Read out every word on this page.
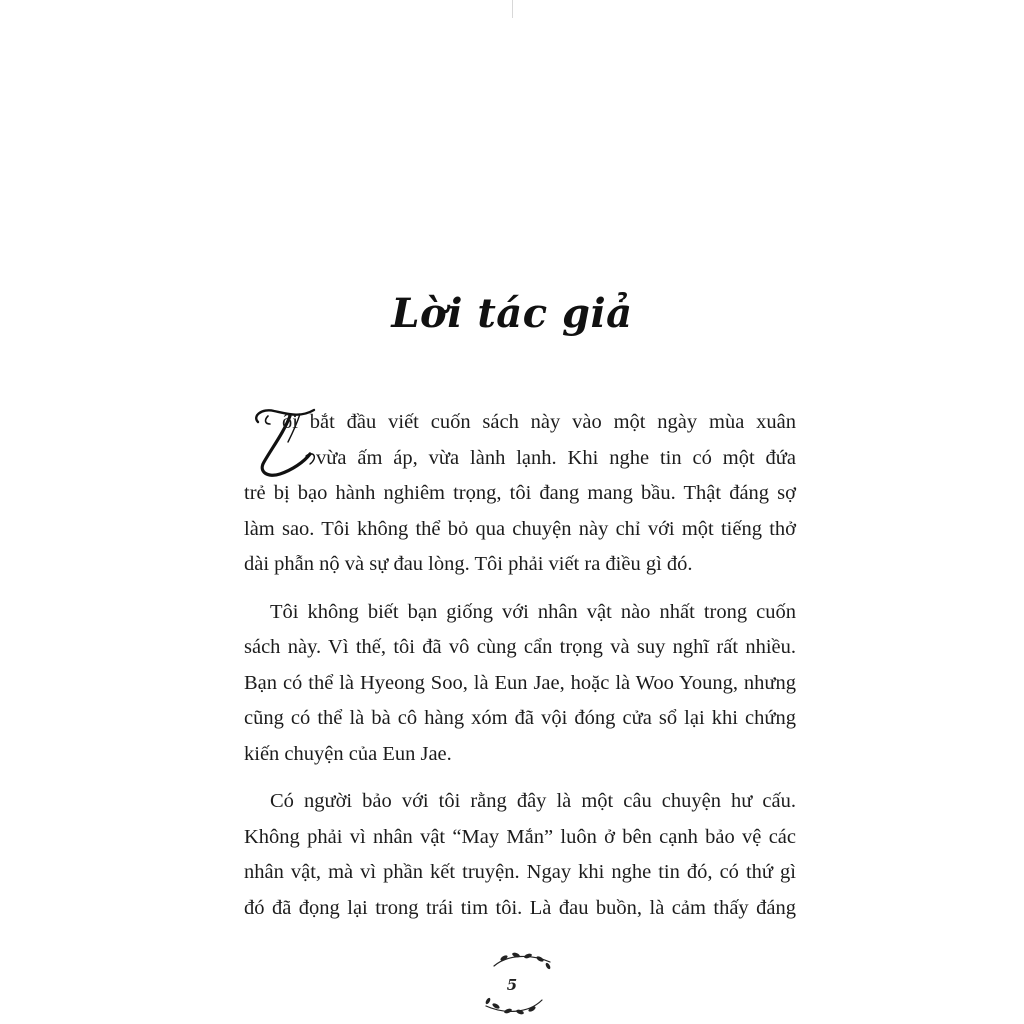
Lời tác giả

ôi bắt đầu viết cuốn sách này vào một ngày mùa xuân
vừa ấm áp, vừa lành lạnh. Khi nghe tin có một đứa
trẻ bị bạo hành nghiêm trọng, tôi đang mang bầu. Thật đáng sợ
làm sao. Tôi không thể bỏ qua chuyện này chỉ với một tiếng thở
dài phẫn nộ và sự đau lòng. Tôi phải viết ra điều gì đó.

Tôi không biết bạn giống với nhân vật nào nhất trong cuốn
sách này. Vì thế, tôi đã vô cùng cẩn trọng và suy nghĩ rất nhiều.
Bạn có thể là Hyeong Soo, là Eun Jae, hoặc là Woo Young, nhưng
cũng có thể là bà cô hàng xóm đã vội đóng cửa sổ lại khi chứng
kiến chuyện của Eun Jae.

Có người bảo với tôi rằng đây là một câu chuyện hư cấu.
Không phải vì nhân vật “May Mắn” luôn ở bên cạnh bảo vệ các
nhân vật, mà vì phần kết truyện. Ngay khi nghe tin đó, có thứ gì
đó đã đọng lại trong trái tim tôi. Là đau buồn, là cảm thấy đáng

5
